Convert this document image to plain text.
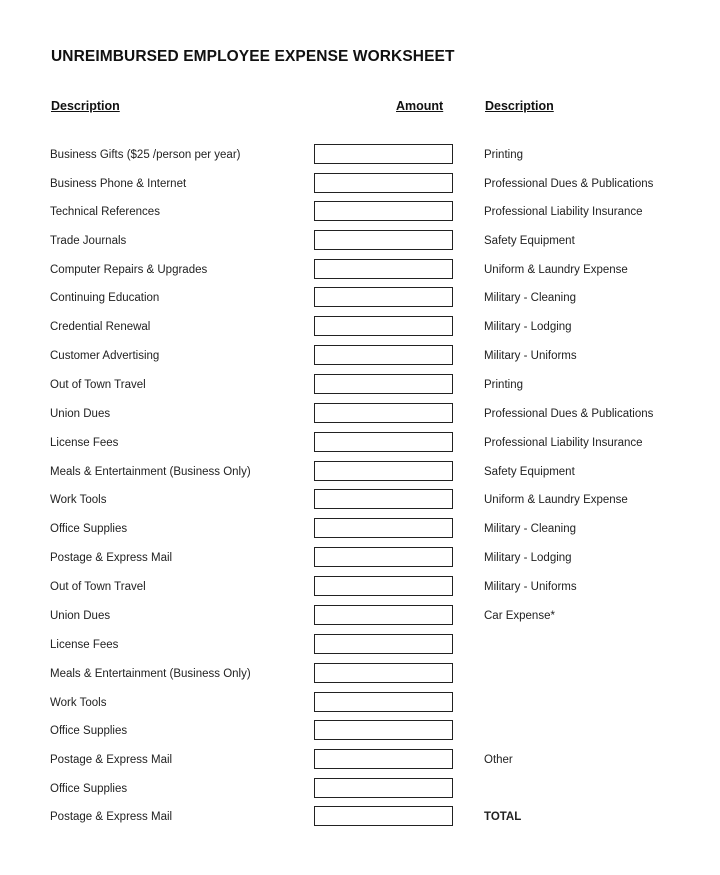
UNREIMBURSED EMPLOYEE EXPENSE WORKSHEET
Description	Amount	Description
Business Gifts ($25 /person per year)	Printing
Business Phone & Internet	Professional Dues & Publications
Technical References	Professional Liability Insurance
Trade Journals	Safety Equipment
Computer Repairs & Upgrades	Uniform & Laundry Expense
Continuing Education	Military - Cleaning
Credential Renewal	Military - Lodging
Customer Advertising	Military - Uniforms
Out of Town Travel	Printing
Union Dues	Professional Dues & Publications
License Fees	Professional Liability Insurance
Meals & Entertainment (Business Only)	Safety Equipment
Work Tools	Uniform & Laundry Expense
Office Supplies	Military - Cleaning
Postage & Express Mail	Military - Lodging
Out of Town Travel	Military - Uniforms
Union Dues	Car Expense*
License Fees
Meals & Entertainment (Business Only)
Work Tools
Office Supplies
Postage & Express Mail	Other
Office Supplies
Postage & Express Mail	TOTAL
